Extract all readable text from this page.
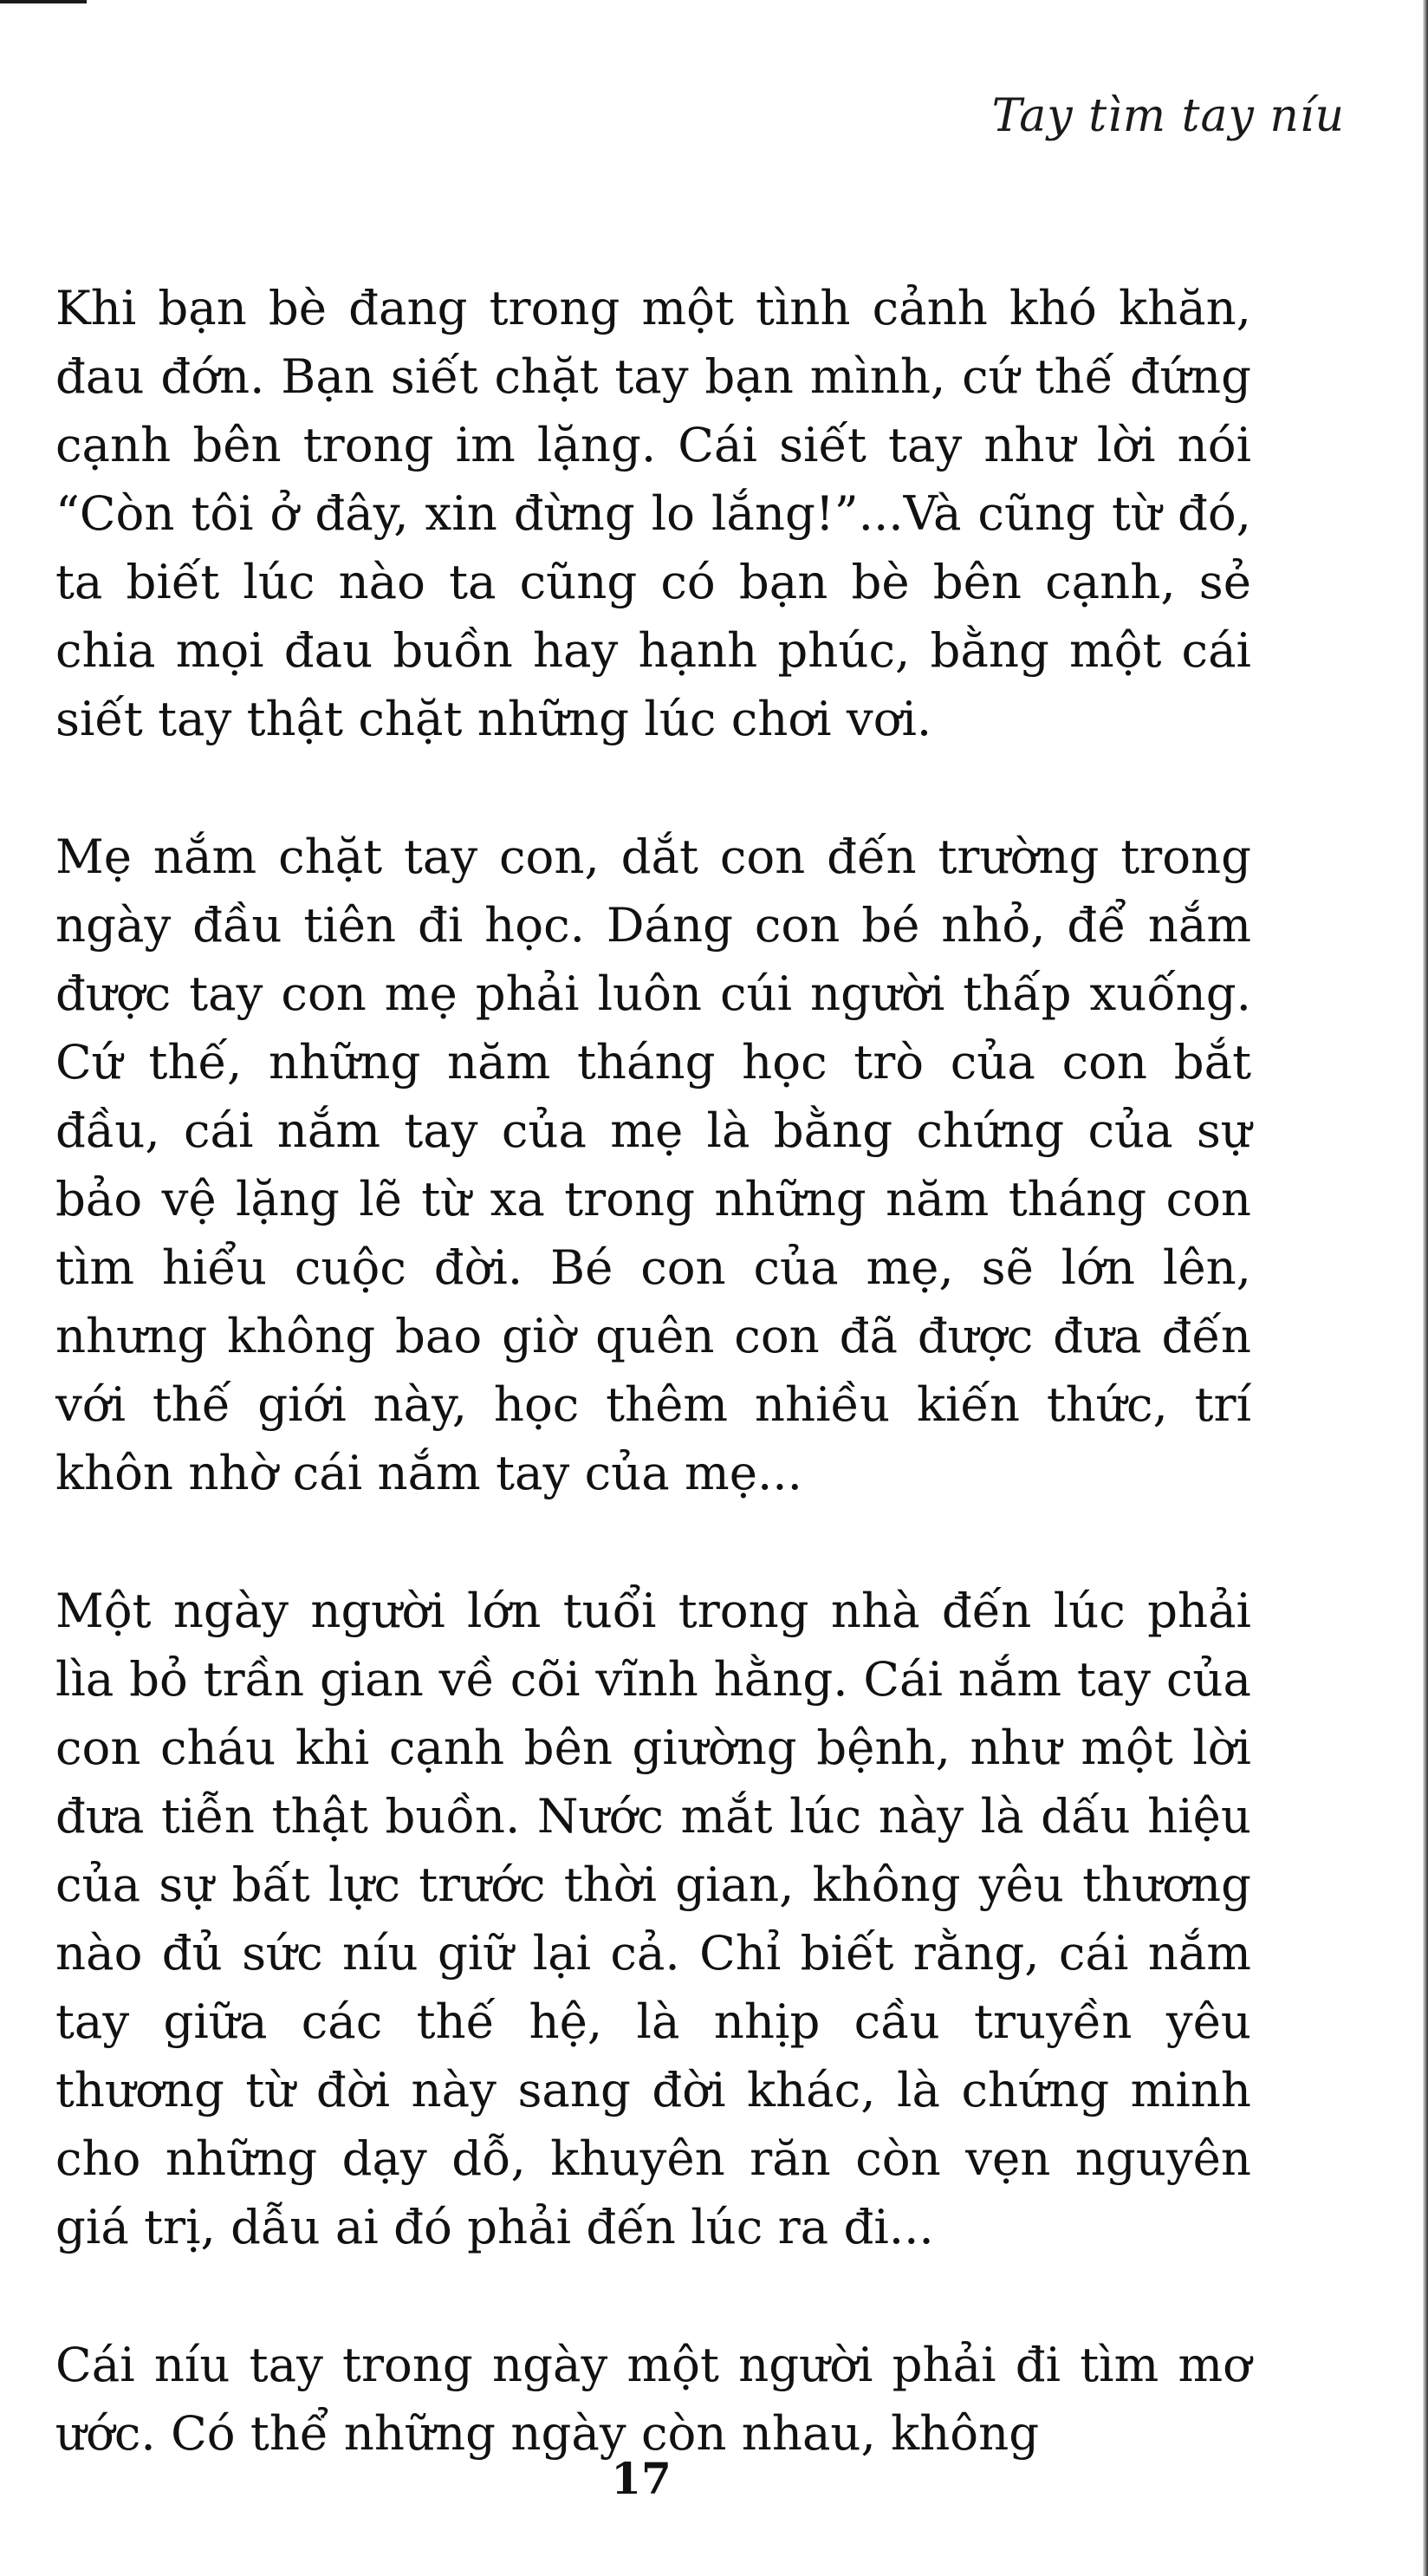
Tay tìm tay níu

Khi bạn bè đang trong một tình cảnh khó khăn, đau đớn. Bạn siết chặt tay bạn mình, cứ thế đứng cạnh bên trong im lặng. Cái siết tay như lời nói “Còn tôi ở đây, xin đừng lo lắng!”...Và cũng từ đó, ta biết lúc nào ta cũng có bạn bè bên cạnh, sẻ chia mọi đau buồn hay hạnh phúc, bằng một cái siết tay thật chặt những lúc chơi vơi.

Mẹ nắm chặt tay con, dắt con đến trường trong ngày đầu tiên đi học. Dáng con bé nhỏ, để nắm được tay con mẹ phải luôn cúi người thấp xuống. Cứ thế, những năm tháng học trò của con bắt đầu, cái nắm tay của mẹ là bằng chứng của sự bảo vệ lặng lẽ từ xa trong những năm tháng con tìm hiểu cuộc đời. Bé con của mẹ, sẽ lớn lên, nhưng không bao giờ quên con đã được đưa đến với thế giới này, học thêm nhiều kiến thức, trí khôn nhờ cái nắm tay của mẹ...

Một ngày người lớn tuổi trong nhà đến lúc phải lìa bỏ trần gian về cõi vĩnh hằng. Cái nắm tay của con cháu khi cạnh bên giường bệnh, như một lời đưa tiễn thật buồn. Nước mắt lúc này là dấu hiệu của sự bất lực trước thời gian, không yêu thương nào đủ sức níu giữ lại cả. Chỉ biết rằng, cái nắm tay giữa các thế hệ, là nhịp cầu truyền yêu thương từ đời này sang đời khác, là chứng minh cho những dạy dỗ, khuyên răn còn vẹn nguyên giá trị, dẫu ai đó phải đến lúc ra đi...

Cái níu tay trong ngày một người phải đi tìm mơ ước. Có thể những ngày còn nhau, không

17
